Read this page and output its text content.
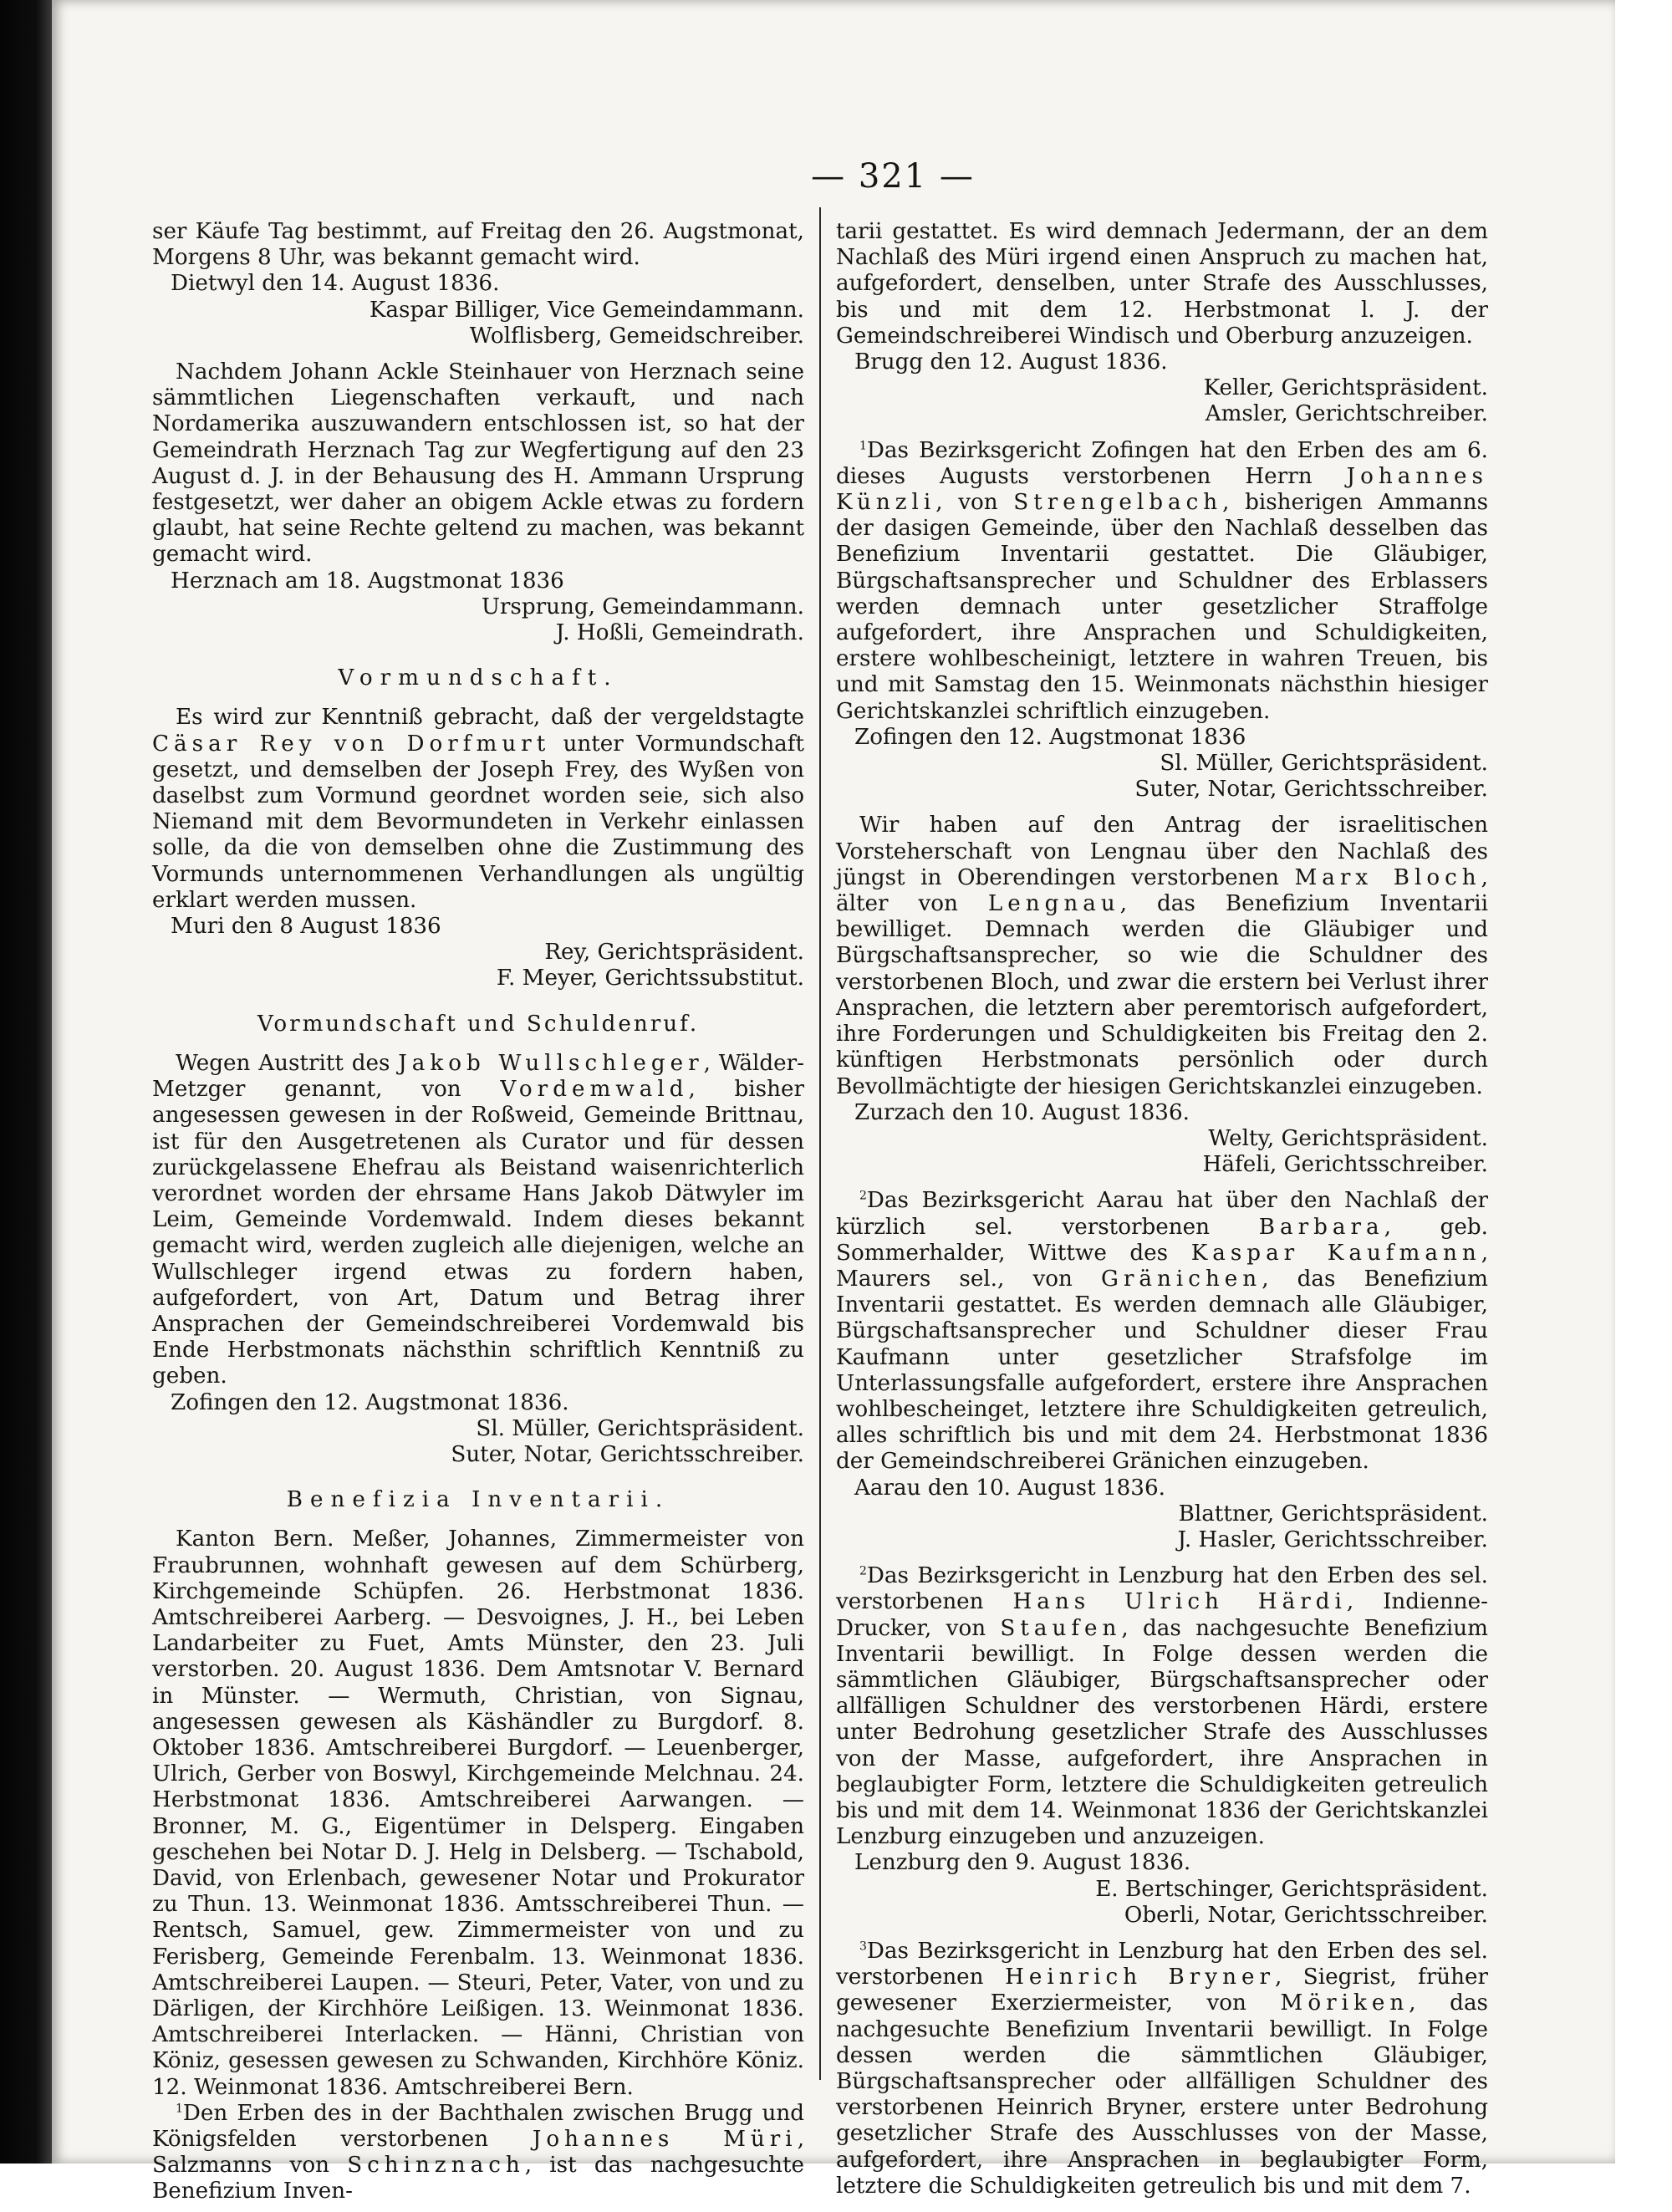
— 321 —

ser Käufe Tag bestimmt, auf Freitag den 26. Augstmonat, Morgens 8 Uhr, was bekannt gemacht wird.

Dietwyl den 14. August 1836.

Kaspar Billiger, Vice Gemeindammann.

Wolflisberg, Gemeidschreiber.

Nachdem Johann Ackle Steinhauer von Herznach seine sämmtlichen Liegenschaften verkauft, und nach Nordamerika auszuwandern entschlossen ist, so hat der Gemeindrath Herznach Tag zur Wegfertigung auf den 23 August d. J. in der Behausung des H. Ammann Ursprung festgesetzt, wer daher an obigem Ackle etwas zu fordern glaubt, hat seine Rechte geltend zu machen, was bekannt gemacht wird.

Herznach am 18. Augstmonat 1836

Ursprung, Gemeindammann.

J. Hoßli, Gemeindrath.

Vormundschaft.

Es wird zur Kenntniß gebracht, daß der vergeldstagte Cäsar Rey von Dorfmurt unter Vormundschaft gesetzt, und demselben der Joseph Frey, des Wyßen von daselbst zum Vormund geordnet worden seie, sich also Niemand mit dem Bevormundeten in Verkehr einlassen solle, da die von demselben ohne die Zustimmung des Vormunds unternommenen Verhandlungen als ungültig erklart werden mussen.

Muri den 8 August 1836

Rey, Gerichtspräsident.

F. Meyer, Gerichtssubstitut.

Vormundschaft und Schuldenruf.

Wegen Austritt des Jakob Wullschleger, Wälder-Metzger genannt, von Vordemwald, bisher angesessen gewesen in der Roßweid, Gemeinde Brittnau, ist für den Ausgetretenen als Curator und für dessen zurückgelassene Ehefrau als Beistand waisenrichterlich verordnet worden der ehrsame Hans Jakob Dätwyler im Leim, Gemeinde Vordemwald. Indem dieses bekannt gemacht wird, werden zugleich alle diejenigen, welche an Wullschleger irgend etwas zu fordern haben, aufgefordert, von Art, Datum und Betrag ihrer Ansprachen der Gemeindschreiberei Vordemwald bis Ende Herbstmonats nächsthin schriftlich Kenntniß zu geben.

Zofingen den 12. Augstmonat 1836.

Sl. Müller, Gerichtspräsident.

Suter, Notar, Gerichtsschreiber.

Benefizia Inventarii.

Kanton Bern. Meßer, Johannes, Zimmermeister von Fraubrunnen, wohnhaft gewesen auf dem Schürberg, Kirchgemeinde Schüpfen. 26. Herbstmonat 1836. Amtschreiberei Aarberg. — Desvoignes, J. H., bei Leben Landarbeiter zu Fuet, Amts Münster, den 23. Juli verstorben. 20. August 1836. Dem Amtsnotar V. Bernard in Münster. — Wermuth, Christian, von Signau, angesessen gewesen als Käshändler zu Burgdorf. 8. Oktober 1836. Amtschreiberei Burgdorf. — Leuenberger, Ulrich, Gerber von Boswyl, Kirchgemeinde Melchnau. 24. Herbstmonat 1836. Amtschreiberei Aarwangen. — Bronner, M. G., Eigentümer in Delsperg. Eingaben geschehen bei Notar D. J. Helg in Delsberg. — Tschabold, David, von Erlenbach, gewesener Notar und Prokurator zu Thun. 13. Weinmonat 1836. Amtsschreiberei Thun. — Rentsch, Samuel, gew. Zimmermeister von und zu Ferisberg, Gemeinde Ferenbalm. 13. Weinmonat 1836. Amtschreiberei Laupen. — Steuri, Peter, Vater, von und zu Därligen, der Kirchhöre Leißigen. 13. Weinmonat 1836. Amtschreiberei Interlacken. — Hänni, Christian von Köniz, gesessen gewesen zu Schwanden, Kirchhöre Köniz. 12. Weinmonat 1836. Amtschreiberei Bern.

$^1$Den Erben des in der Bachthalen zwischen Brugg und Königsfelden verstorbenen Johannes Müri, Salzmanns von Schinznach, ist das nachgesuchte Benefizium Inven-

tarii gestattet. Es wird demnach Jedermann, der an dem Nachlaß des Müri irgend einen Anspruch zu machen hat, aufgefordert, denselben, unter Strafe des Ausschlusses, bis und mit dem 12. Herbstmonat l. J. der Gemeindschreiberei Windisch und Oberburg anzuzeigen.

Brugg den 12. August 1836.

Keller, Gerichtspräsident.

Amsler, Gerichtschreiber.

$^1$Das Bezirksgericht Zofingen hat den Erben des am 6. dieses Augusts verstorbenen Herrn Johannes Künzli, von Strengelbach, bisherigen Ammanns der dasigen Gemeinde, über den Nachlaß desselben das Benefizium Inventarii gestattet. Die Gläubiger, Bürgschaftsansprecher und Schuldner des Erblassers werden demnach unter gesetzlicher Straffolge aufgefordert, ihre Ansprachen und Schuldigkeiten, erstere wohlbescheinigt, letztere in wahren Treuen, bis und mit Samstag den 15. Weinmonats nächsthin hiesiger Gerichtskanzlei schriftlich einzugeben.

Zofingen den 12. Augstmonat 1836

Sl. Müller, Gerichtspräsident.

Suter, Notar, Gerichtsschreiber.

Wir haben auf den Antrag der israelitischen Vorsteherschaft von Lengnau über den Nachlaß des jüngst in Oberendingen verstorbenen Marx Bloch, älter von Lengnau, das Benefizium Inventarii bewilliget. Demnach werden die Gläubiger und Bürgschaftsansprecher, so wie die Schuldner des verstorbenen Bloch, und zwar die erstern bei Verlust ihrer Ansprachen, die letztern aber peremtorisch aufgefordert, ihre Forderungen und Schuldigkeiten bis Freitag den 2. künftigen Herbstmonats persönlich oder durch Bevollmächtigte der hiesigen Gerichtskanzlei einzugeben.

Zurzach den 10. August 1836.

Welty, Gerichtspräsident.

Häfeli, Gerichtsschreiber.

$^2$Das Bezirksgericht Aarau hat über den Nachlaß der kürzlich sel. verstorbenen Barbara, geb. Sommerhalder, Wittwe des Kaspar Kaufmann, Maurers sel., von Gränichen, das Benefizium Inventarii gestattet. Es werden demnach alle Gläubiger, Bürgschaftsansprecher und Schuldner dieser Frau Kaufmann unter gesetzlicher Strafsfolge im Unterlassungsfalle aufgefordert, erstere ihre Ansprachen wohlbescheinget, letztere ihre Schuldigkeiten getreulich, alles schriftlich bis und mit dem 24. Herbstmonat 1836 der Gemeindschreiberei Gränichen einzugeben.

Aarau den 10. August 1836.

Blattner, Gerichtspräsident.

J. Hasler, Gerichtsschreiber.

$^2$Das Bezirksgericht in Lenzburg hat den Erben des sel. verstorbenen Hans Ulrich Härdi, Indienne-Drucker, von Staufen, das nachgesuchte Benefizium Inventarii bewilligt. In Folge dessen werden die sämmtlichen Gläubiger, Bürgschaftsansprecher oder allfälligen Schuldner des verstorbenen Härdi, erstere unter Bedrohung gesetzlicher Strafe des Ausschlusses von der Masse, aufgefordert, ihre Ansprachen in beglaubigter Form, letztere die Schuldigkeiten getreulich bis und mit dem 14. Weinmonat 1836 der Gerichtskanzlei Lenzburg einzugeben und anzuzeigen.

Lenzburg den 9. August 1836.

E. Bertschinger, Gerichtspräsident.

Oberli, Notar, Gerichtsschreiber.

$^3$Das Bezirksgericht in Lenzburg hat den Erben des sel. verstorbenen Heinrich Bryner, Siegrist, früher gewesener Exerziermeister, von Möriken, das nachgesuchte Benefizium Inventarii bewilligt. In Folge dessen werden die sämmtlichen Gläubiger, Bürgschaftsansprecher oder allfälligen Schuldner des verstorbenen Heinrich Bryner, erstere unter Bedrohung gesetzlicher Strafe des Ausschlusses von der Masse, aufgefordert, ihre Ansprachen in beglaubigter Form, letztere die Schuldigkeiten getreulich bis und mit dem 7.
